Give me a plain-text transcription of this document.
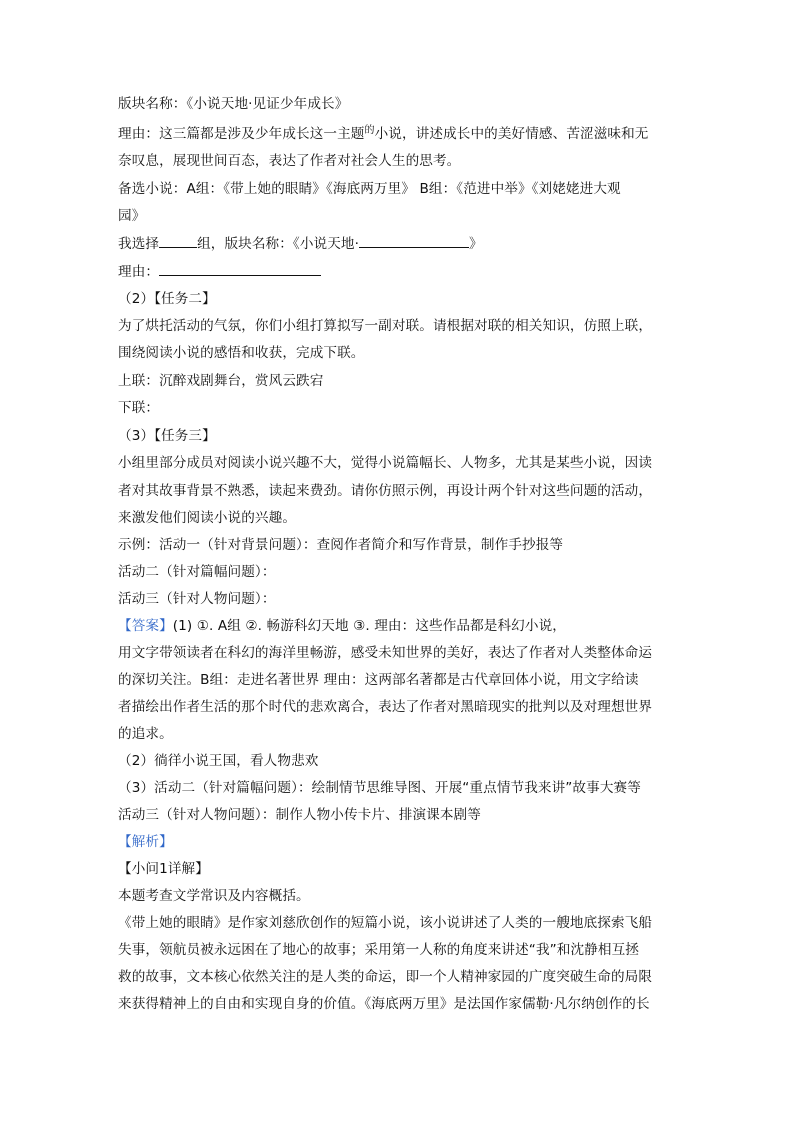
版块名称：《小说天地·见证少年成长》
理由：这三篇都是涉及少年成长这一主题$^的$小说，讲述成长中的美好情感、苦涩滋味和无
奈叹息，展现世间百态，表达了作者对社会人生的思考。
备选小说：A组：《带上她的眼睛》《海底两万里》 B组：《范进中举》《刘姥姥进大观
园》
我选择	组，版块名称：《小说天地·	》
理由：
（2）【任务二】
为了烘托活动的气氛，你们小组打算拟写一副对联。请根据对联的相关知识，仿照上联，
围绕阅读小说的感悟和收获，完成下联。
上联：沉醉戏剧舞台，赏风云跌宕
下联：
（3）【任务三】
小组里部分成员对阅读小说兴趣不大，觉得小说篇幅长、人物多，尤其是某些小说，因读
者对其故事背景不熟悉，读起来费劲。请你仿照示例，再设计两个针对这些问题的活动，
来激发他们阅读小说的兴趣。
示例：活动一（针对背景问题）：查阅作者简介和写作背景，制作手抄报等
活动二（针对篇幅问题）：
活动三（针对人物问题）：
【答案】(1) ①. A组 ②. 畅游科幻天地 ③. 理由：这些作品都是科幻小说，
用文字带领读者在科幻的海洋里畅游，感受未知世界的美好，表达了作者对人类整体命运
的深切关注。B组：走进名著世界 理由：这两部名著都是古代章回体小说，用文字给读
者描绘出作者生活的那个时代的悲欢离合，表达了作者对黑暗现实的批判以及对理想世界
的追求。
（2）徜徉小说王国，看人物悲欢
（3）活动二（针对篇幅问题）：绘制情节思维导图、开展“重点情节我来讲”故事大赛等
活动三（针对人物问题）：制作人物小传卡片、排演课本剧等
【解析】
【小问1详解】
本题考查文学常识及内容概括。
《带上她的眼睛》是作家刘慈欣创作的短篇小说，该小说讲述了人类的一艘地底探索飞船
失事，领航员被永远困在了地心的故事；采用第一人称的角度来讲述“我”和沈静相互拯
救的故事，文本核心依然关注的是人类的命运，即一个人精神家园的广度突破生命的局限
来获得精神上的自由和实现自身的价值。《海底两万里》是法国作家儒勒·凡尔纳创作的长
